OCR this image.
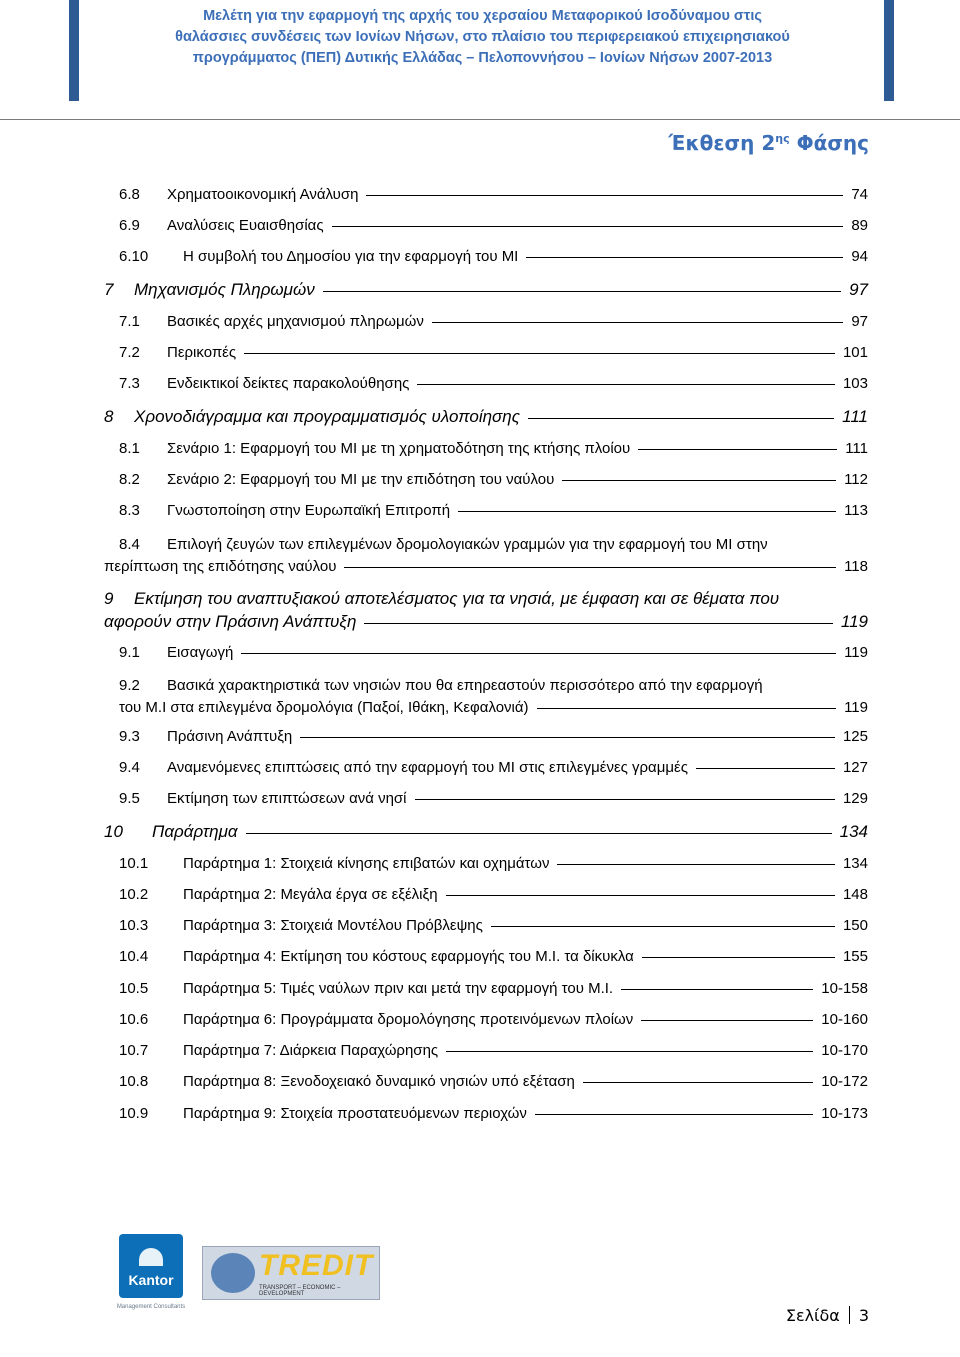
Μελέτη για την εφαρμογή της αρχής του χερσαίου Μεταφορικού Ισοδύναμου στις
θαλάσσιες συνδέσεις των Ιονίων Νήσων, στο πλαίσιο του περιφερειακού επιχειρησιακού
προγράμματος (ΠΕΠ) Δυτικής Ελλάδας – Πελοποννήσου – Ιονίων Νήσων 2007-2013
Έκθεση $2^{\eta\varsigma}$ Φάσης
6.8	Χρηματοοικονομική Ανάλυση	74
6.9	Αναλύσεις Ευαισθησίας	89
6.10	Η συμβολή του Δημοσίου για την εφαρμογή του ΜΙ	94
7	Μηχανισμός Πληρωμών	97
7.1	Βασικές αρχές μηχανισμού πληρωμών	97
7.2	Περικοπές	101
7.3	Ενδεικτικοί δείκτες παρακολούθησης	103
8	Χρονοδιάγραμμα και προγραμματισμός υλοποίησης	111
8.1	Σενάριο 1: Εφαρμογή του ΜΙ με τη χρηματοδότηση της κτήσης πλοίου	111
8.2	Σενάριο 2: Εφαρμογή του ΜΙ με την επιδότηση του ναύλου	112
8.3	Γνωστοποίηση στην Ευρωπαϊκή Επιτροπή	113
8.4 Επιλογή ζευγών των επιλεγμένων δρομολογιακών γραμμών για την εφαρμογή του ΜΙ στην
περίπτωση της επιδότησης ναύλου	118
9 Εκτίμηση του αναπτυξιακού αποτελέσματος για τα νησιά, με έμφαση και σε θέματα που
αφορούν στην Πράσινη Ανάπτυξη	119
9.1	Εισαγωγή	119
9.2 Βασικά χαρακτηριστικά των νησιών που θα επηρεαστούν περισσότερο από την εφαρμογή
του Μ.Ι στα επιλεγμένα δρομολόγια (Παξοί, Ιθάκη, Κεφαλονιά)	119
9.3	Πράσινη Ανάπτυξη	125
9.4	Αναμενόμενες επιπτώσεις από την εφαρμογή του ΜΙ στις επιλεγμένες γραμμές	127
9.5	Εκτίμηση των επιπτώσεων ανά νησί	129
10	Παράρτημα	134
10.1	Παράρτημα 1: Στοιχειά κίνησης επιβατών και οχημάτων	134
10.2	Παράρτημα 2: Μεγάλα έργα σε εξέλιξη	148
10.3	Παράρτημα 3: Στοιχειά Μοντέλου Πρόβλεψης	150
10.4	Παράρτημα 4: Εκτίμηση του κόστους εφαρμογής του Μ.Ι. τα δίκυκλα	155
10.5	Παράρτημα 5: Τιμές ναύλων πριν και μετά την εφαρμογή του Μ.Ι.	10-158
10.6	Παράρτημα 6: Προγράμματα δρομολόγησης προτεινόμενων πλοίων	10-160
10.7	Παράρτημα 7: Διάρκεια Παραχώρησης	10-170
10.8	Παράρτημα 8: Ξενοδοχειακό δυναμικό νησιών υπό εξέταση	10-172
10.9	Παράρτημα 9: Στοιχεία προστατευόμενων περιοχών	10-173
Kantor
Management Consultants
TREDIT
TRANSPORT – ECONOMIC – DEVELOPMENT
Σελίδα 3
